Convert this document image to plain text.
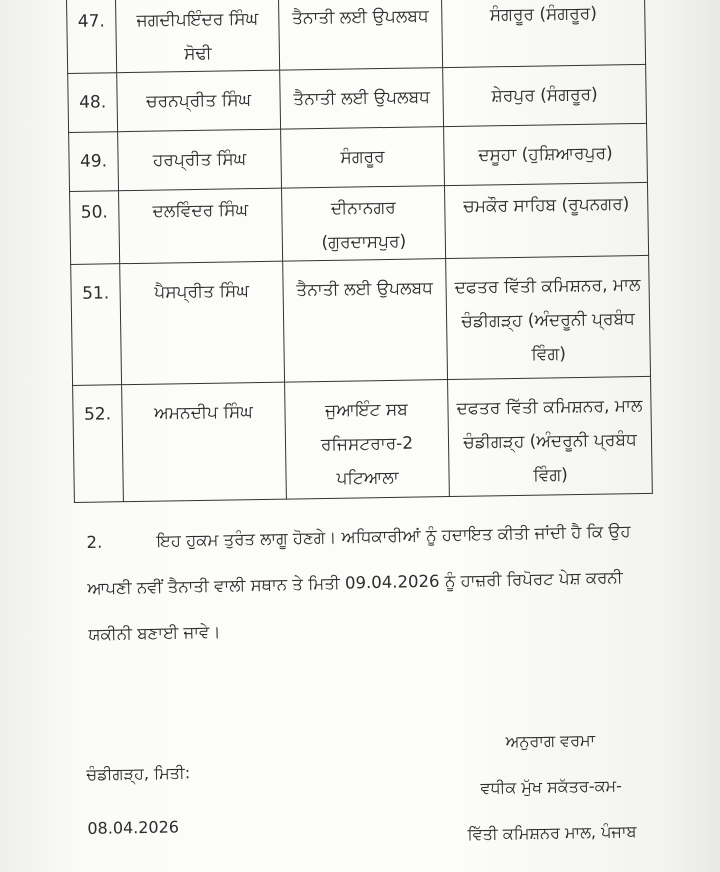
47.	ਜਗਦੀਪਇੰਦਰ ਸਿੰਘ ਸੋਢੀ	ਤੈਨਾਤੀ ਲਈ ਉਪਲਬਧ	ਸੰਗਰੂਰ (ਸੰਗਰੂਰ)
48.	ਚਰਨਪ੍ਰੀਤ ਸਿੰਘ	ਤੈਨਾਤੀ ਲਈ ਉਪਲਬਧ	ਸ਼ੇਰਪੁਰ (ਸੰਗਰੂਰ)
49.	ਹਰਪ੍ਰੀਤ ਸਿੰਘ	ਸੰਗਰੂਰ	ਦਸੂਹਾ (ਹੁਸ਼ਿਆਰਪੁਰ)
50.	ਦਲਵਿੰਦਰ ਸਿੰਘ	ਦੀਨਾਨਗਰ (ਗੁਰਦਾਸਪੁਰ)	ਚਮਕੌਰ ਸਾਹਿਬ (ਰੂਪਨਗਰ)
51.	ਪੈਸਪ੍ਰੀਤ ਸਿੰਘ	ਤੈਨਾਤੀ ਲਈ ਉਪਲਬਧ	ਦਫਤਰ ਵਿੱਤੀ ਕਮਿਸ਼ਨਰ, ਮਾਲ ਚੰਡੀਗੜ੍ਹ (ਅੰਦਰੂਨੀ ਪ੍ਰਬੰਧ ਵਿੰਗ)
52.	ਅਮਨਦੀਪ ਸਿੰਘ	ਜੁਆਇੰਟ ਸਬ ਰਜਿਸਟਰਾਰ-2 ਪਟਿਆਲਾ	ਦਫਤਰ ਵਿੱਤੀ ਕਮਿਸ਼ਨਰ, ਮਾਲ ਚੰਡੀਗੜ੍ਹ (ਅੰਦਰੂਨੀ ਪ੍ਰਬੰਧ ਵਿੰਗ)
2.	ਇਹ ਹੁਕਮ ਤੁਰੰਤ ਲਾਗੂ ਹੋਣਗੇ। ਅਧਿਕਾਰੀਆਂ ਨੂੰ ਹਦਾਇਤ ਕੀਤੀ ਜਾਂਦੀ ਹੈ ਕਿ ਉਹ ਆਪਣੀ ਨਵੀਂ ਤੈਨਾਤੀ ਵਾਲੀ ਸਥਾਨ ਤੇ ਮਿਤੀ 09.04.2026 ਨੂੰ ਹਾਜ਼ਰੀ ਰਿਪੋਰਟ ਪੇਸ਼ ਕਰਨੀ ਯਕੀਨੀ ਬਣਾਈ ਜਾਵੇ।
ਚੰਡੀਗੜ੍ਹ, ਮਿਤੀ:
08.04.2026
ਅਨੁਰਾਗ ਵਰਮਾ
ਵਧੀਕ ਮੁੱਖ ਸਕੱਤਰ-ਕਮ-
ਵਿੱਤੀ ਕਮਿਸ਼ਨਰ ਮਾਲ, ਪੰਜਾਬ
